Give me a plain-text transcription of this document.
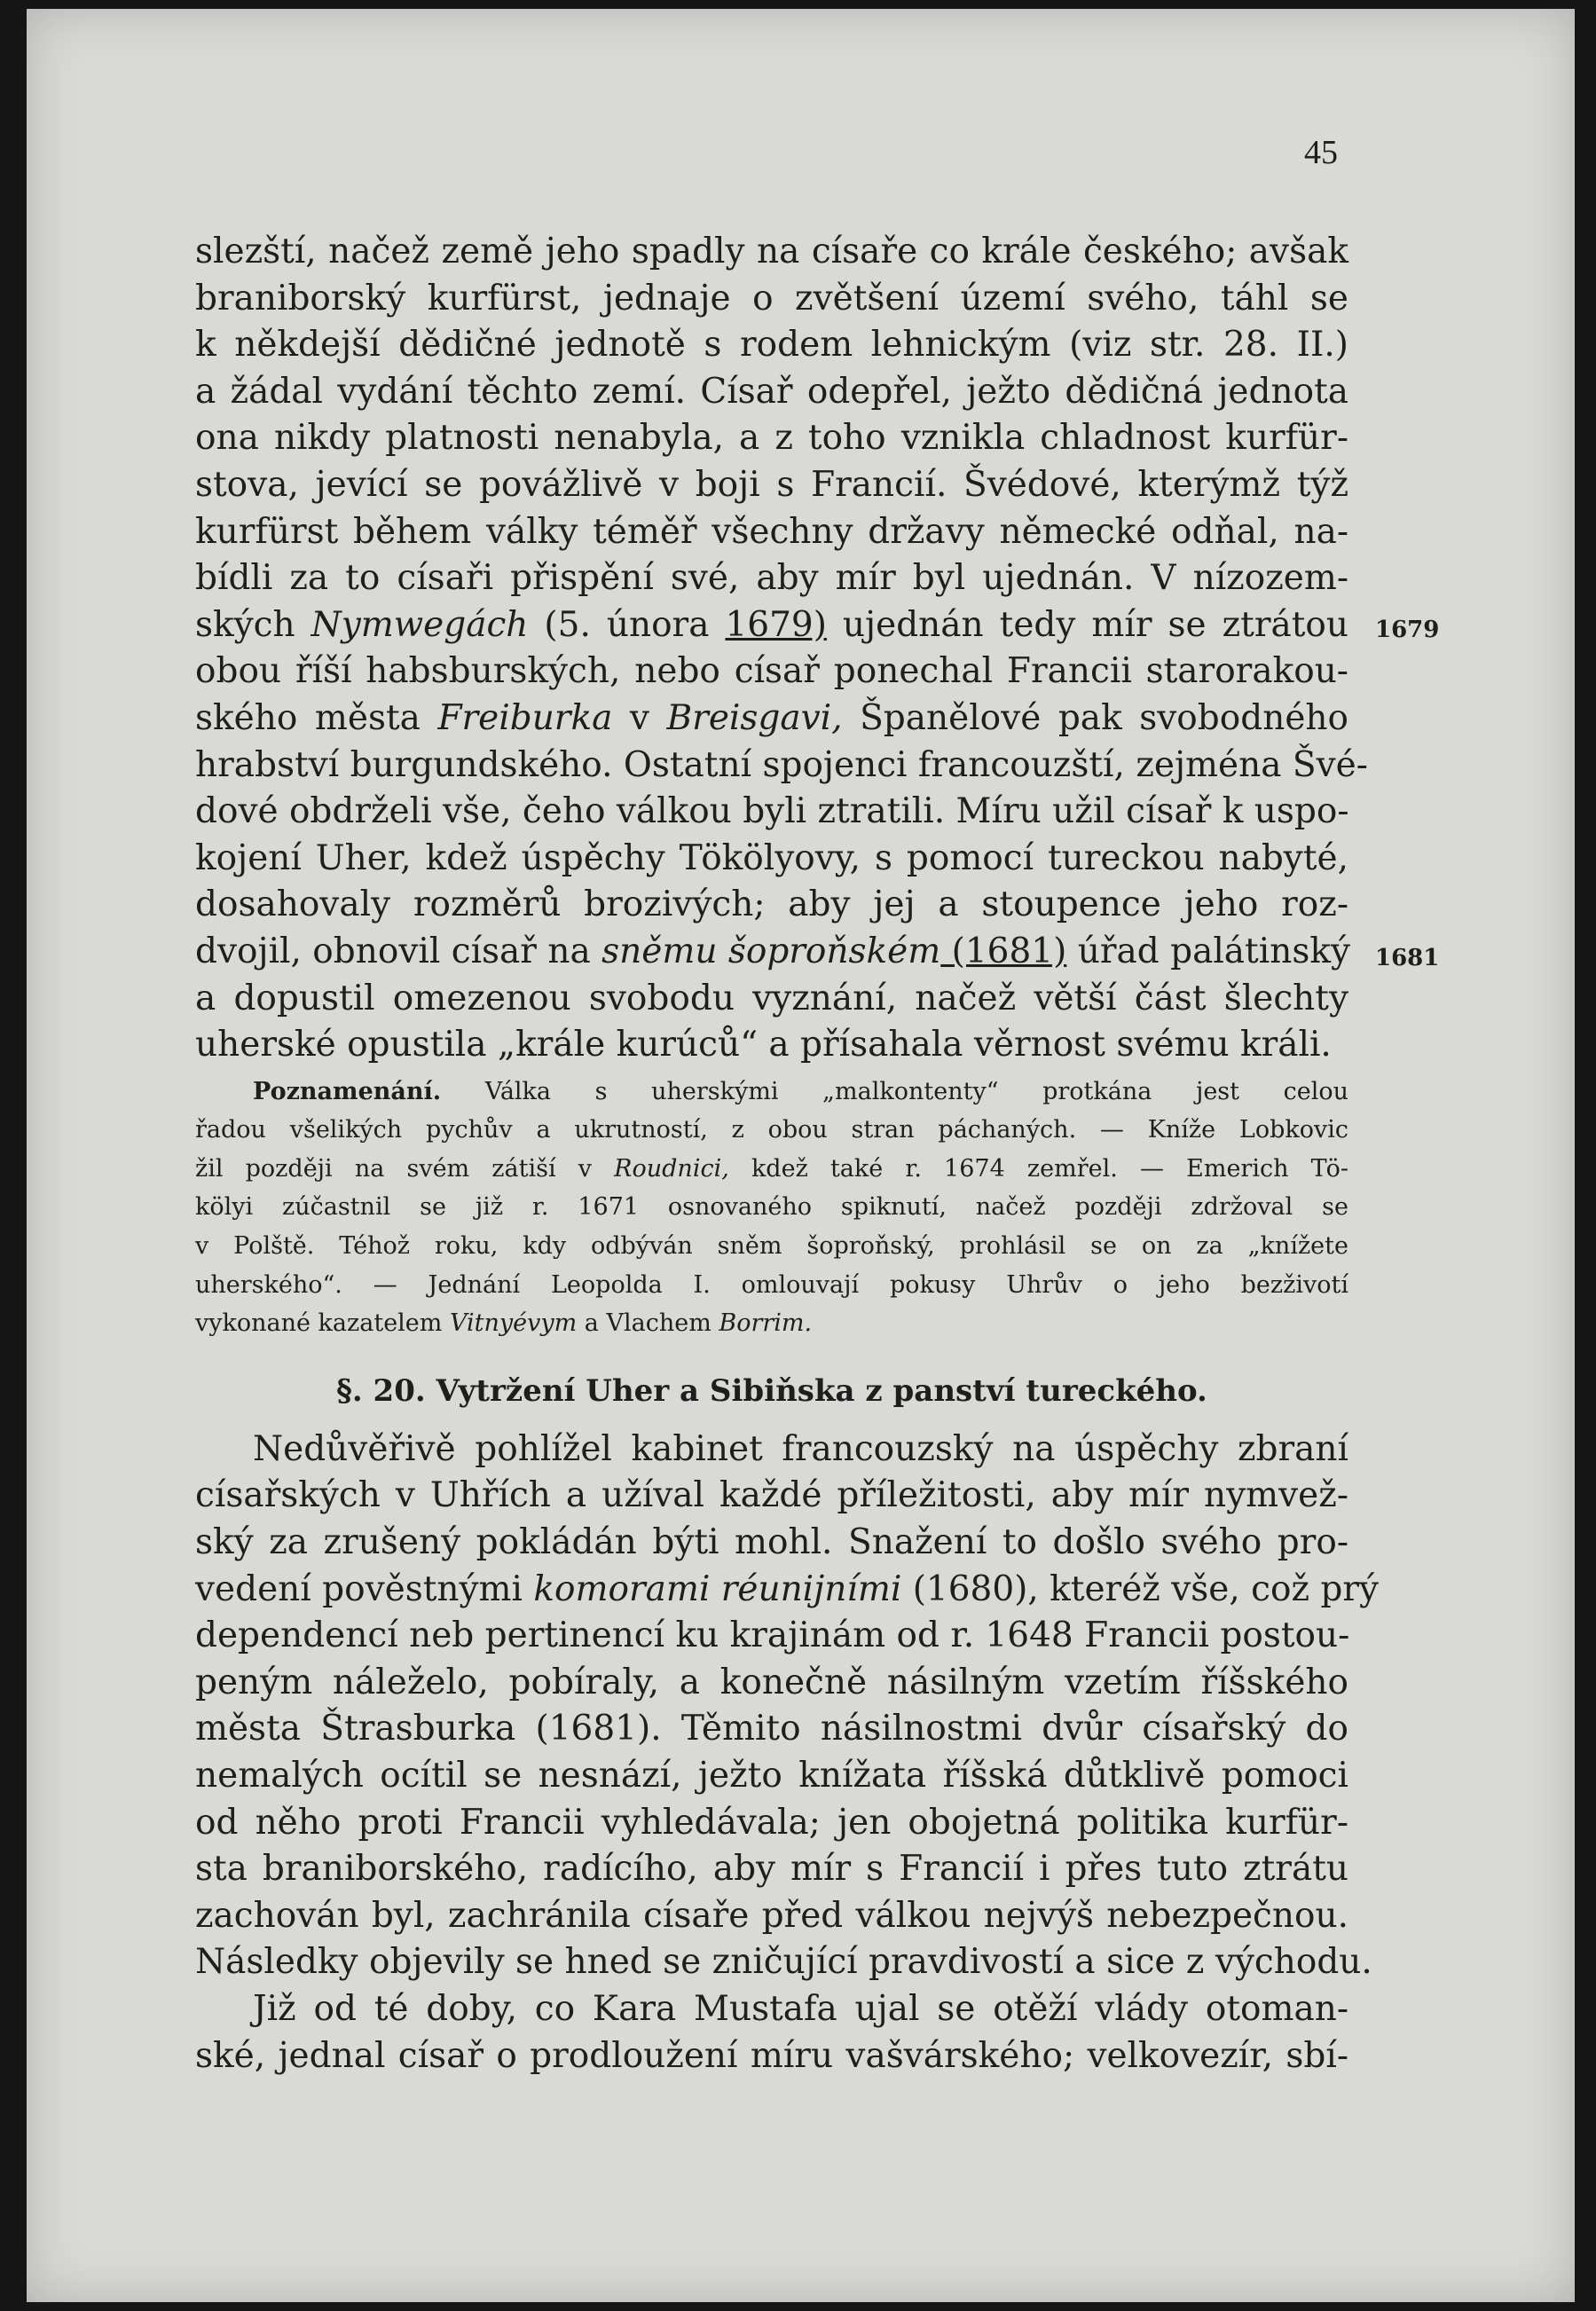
45
1679
1681
slezští, načež země jeho spadly na císaře co krále českého; avšak
braniborský kurfürst, jednaje o zvětšení území svého, táhl se
k někdejší dědičné jednotě s rodem lehnickým (viz str. 28. II.)
a žádal vydání těchto zemí. Císař odepřel, ježto dědičná jednota
ona nikdy platnosti nenabyla, a z toho vznikla chladnost kurfür-
stova, jevící se povážlivě v boji s Francií. Švédové, kterýmž týž
kurfürst během války téměř všechny državy německé odňal, na-
bídli za to císaři přispění své, aby mír byl ujednán. V nízozem-
ských Nymwegách (5. února 1679) ujednán tedy mír se ztrátou
obou říší habsburských, nebo císař ponechal Francii starorakou-
ského města Freiburka v Breisgavi, Španělové pak svobodného
hrabství burgundského. Ostatní spojenci francouzští, zejména Švé-
dové obdrželi vše, čeho válkou byli ztratili. Míru užil císař k uspo-
kojení Uher, kdež úspěchy Tökölyovy, s pomocí tureckou nabyté,
dosahovaly rozměrů brozivých; aby jej a stoupence jeho roz-
dvojil, obnovil císař na sněmu šoproňském (1681) úřad palátinský
a dopustil omezenou svobodu vyznání, načež větší část šlechty
uherské opustila „krále kurúců“ a přísahala věrnost svému králi.
Poznamenání. Válka s uherskými „malkontenty“ protkána jest celou
řadou všelikých pychův a ukrutností, z obou stran páchaných. — Kníže Lobkovic
žil později na svém zátiší v Roudnici, kdež také r. 1674 zemřel. — Emerich Tö-
kölyi zúčastnil se již r. 1671 osnovaného spiknutí, načež později zdržoval se
v Polště. Téhož roku, kdy odbýván sněm šoproňský, prohlásil se on za „knížete
uherského“. — Jednání Leopolda I. omlouvají pokusy Uhrův o jeho bezživotí
vykonané kazatelem Vitnyévym a Vlachem Borrim.
§. 20. Vytržení Uher a Sibiňska z panství tureckého.
Nedůvěřivě pohlížel kabinet francouzský na úspěchy zbraní
císařských v Uhřích a užíval každé příležitosti, aby mír nymvež-
ský za zrušený pokládán býti mohl. Snažení to došlo svého pro-
vedení pověstnými komorami réunijními (1680), kteréž vše, což prý
dependencí neb pertinencí ku krajinám od r. 1648 Francii postou-
peným náleželo, pobíraly, a konečně násilným vzetím říšského
města Štrasburka (1681). Těmito násilnostmi dvůr císařský do
nemalých ocítil se nesnází, ježto knížata říšská důtklivě pomoci
od něho proti Francii vyhledávala; jen obojetná politika kurfür-
sta braniborského, radícího, aby mír s Francií i přes tuto ztrátu
zachován byl, zachránila císaře před válkou nejvýš nebezpečnou.
Následky objevily se hned se zničující pravdivostí a sice z východu.
Již od té doby, co Kara Mustafa ujal se otěží vlády otoman-
ské, jednal císař o prodloužení míru vašvárského; velkovezír, sbí-
